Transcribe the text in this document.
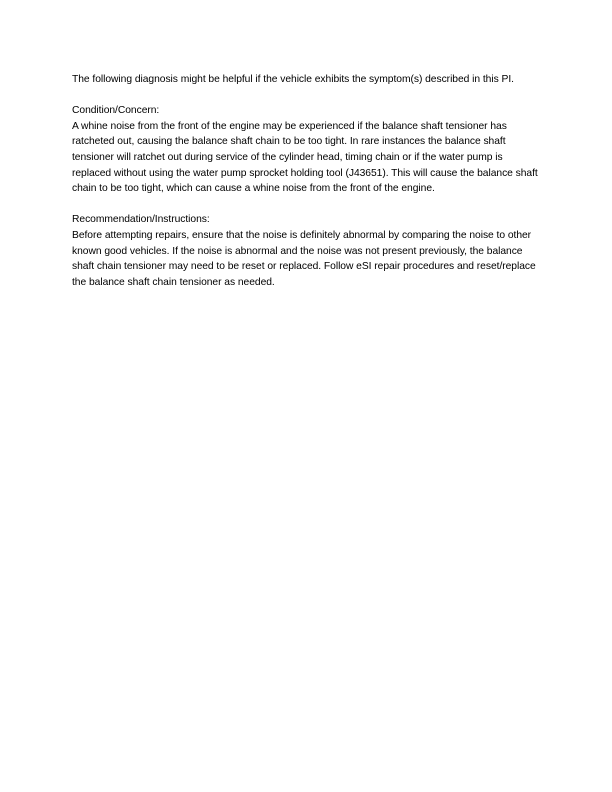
The following diagnosis might be helpful if the vehicle exhibits the symptom(s) described in this PI.

Condition/Concern:

A whine noise from the front of the engine may be experienced if the balance shaft tensioner has

ratcheted out, causing the balance shaft chain to be too tight. In rare instances the balance shaft

tensioner will ratchet out during service of the cylinder head, timing chain or if the water pump is

replaced without using the water pump sprocket holding tool (J43651). This will cause the balance shaft

chain to be too tight, which can cause a whine noise from the front of the engine.

Recommendation/Instructions:

Before attempting repairs, ensure that the noise is definitely abnormal by comparing the noise to other

known good vehicles. If the noise is abnormal and the noise was not present previously, the balance

shaft chain tensioner may need to be reset or replaced. Follow eSI repair procedures and reset/replace

the balance shaft chain tensioner as needed.
